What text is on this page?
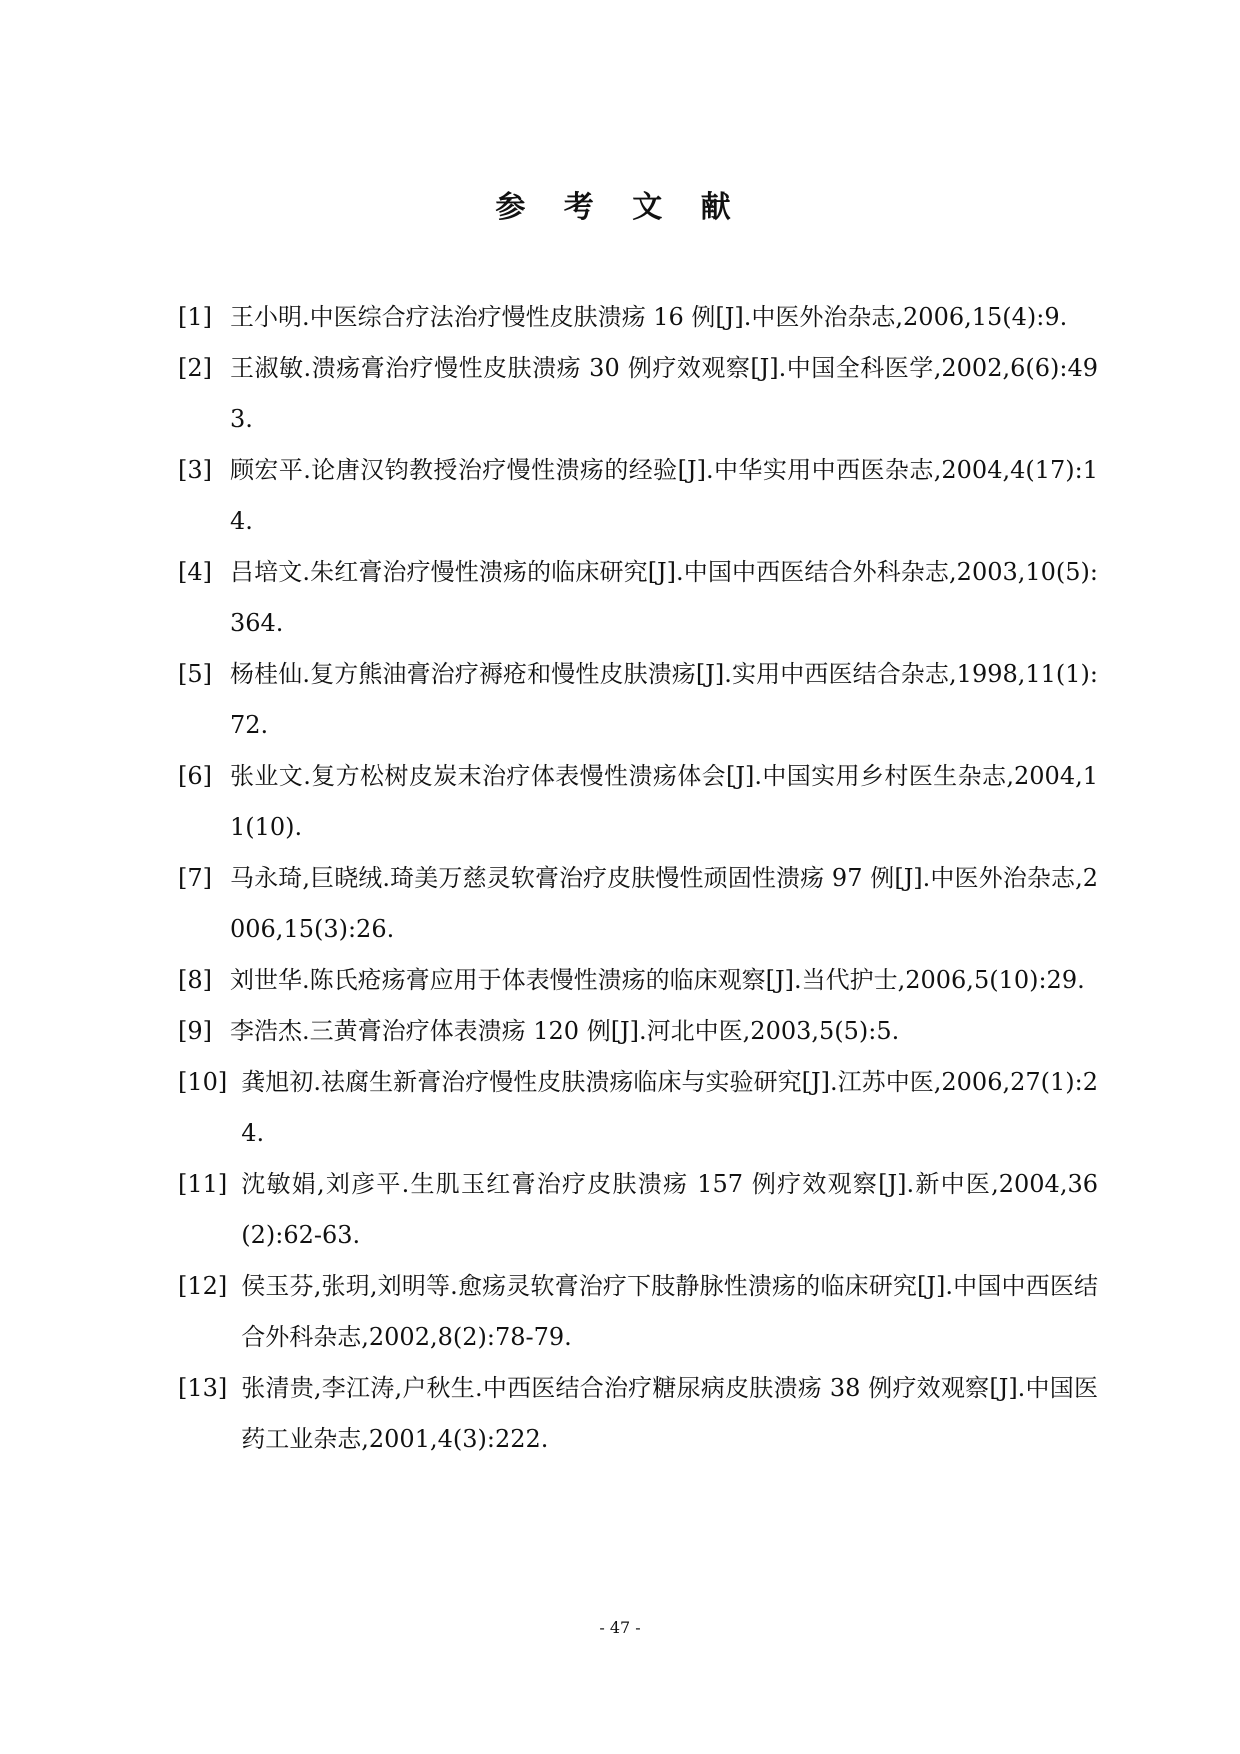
参 考 文 献
[1] 王小明.中医综合疗法治疗慢性皮肤溃疡 16 例[J].中医外治杂志,2006,15(4):9.
[2] 王淑敏.溃疡膏治疗慢性皮肤溃疡 30 例疗效观察[J].中国全科医学,2002,6(6):493.
[3] 顾宏平.论唐汉钧教授治疗慢性溃疡的经验[J].中华实用中西医杂志,2004,4(17):14.
[4] 吕培文.朱红膏治疗慢性溃疡的临床研究[J].中国中西医结合外科杂志,2003,10(5):364.
[5] 杨桂仙.复方熊油膏治疗褥疮和慢性皮肤溃疡[J].实用中西医结合杂志,1998,11(1):72.
[6] 张业文.复方松树皮炭末治疗体表慢性溃疡体会[J].中国实用乡村医生杂志,2004,11(10).
[7] 马永琦,巨晓绒.琦美万慈灵软膏治疗皮肤慢性顽固性溃疡 97 例[J].中医外治杂志,2006,15(3):26.
[8] 刘世华.陈氏疮疡膏应用于体表慢性溃疡的临床观察[J].当代护士,2006,5(10):29.
[9] 李浩杰.三黄膏治疗体表溃疡 120 例[J].河北中医,2003,5(5):5.
[10] 龚旭初.祛腐生新膏治疗慢性皮肤溃疡临床与实验研究[J].江苏中医,2006,27(1):24.
[11] 沈敏娟,刘彦平.生肌玉红膏治疗皮肤溃疡 157 例疗效观察[J].新中医,2004,36(2):62-63.
[12] 侯玉芬,张玥,刘明等.愈疡灵软膏治疗下肢静脉性溃疡的临床研究[J].中国中西医结合外科杂志,2002,8(2):78-79.
[13] 张清贵,李江涛,户秋生.中西医结合治疗糖尿病皮肤溃疡 38 例疗效观察[J].中国医药工业杂志,2001,4(3):222.
- 47 -
